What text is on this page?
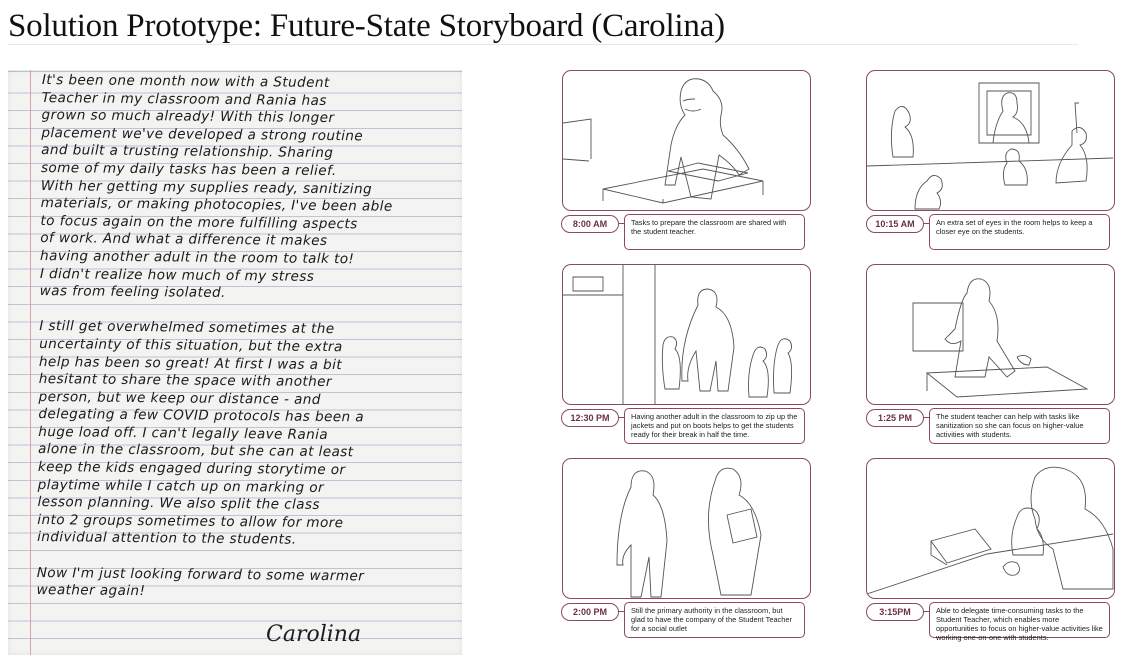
Solution Prototype: Future-State Storyboard (Carolina)
It's been one month now with a Student
Teacher in my classroom and Rania has
grown so much already! With this longer
placement we've developed a strong routine
and built a trusting relationship. Sharing
some of my daily tasks has been a relief.
With her getting my supplies ready, sanitizing
materials, or making photocopies, I've been able
to focus again on the more fulfilling aspects
of work. And what a difference it makes
having another adult in the room to talk to!
I didn't realize how much of my stress
was from feeling isolated.

I still get overwhelmed sometimes at the
uncertainty of this situation, but the extra
help has been so great! At first I was a bit
hesitant to share the space with another
person, but we keep our distance - and
delegating a few COVID protocols has been a
huge load off. I can't legally leave Rania
alone in the classroom, but she can at least
keep the kids engaged during storytime or
playtime while I catch up on marking or
lesson planning. We also split the class
into 2 groups sometimes to allow for more
individual attention to the students.

Now I'm just looking forward to some warmer
weather again!
Carolina
8:00 AM	Tasks to prepare the classroom are shared with the student teacher.
10:15 AM	An extra set of eyes in the room helps to keep a closer eye on the students.
12:30 PM	Having another adult in the classroom to zip up the jackets and put on boots helps to get the students ready for their break in half the time.
1:25 PM	The student teacher can help with tasks like sanitization so she can focus on higher-value activities with students.
2:00 PM	Still the primary authority in the classroom, but glad to have the company of the Student Teacher for a social outlet
3:15PM	Able to delegate time-consuming tasks to the Student Teacher, which enables more opportunities to focus on higher-value activities like working one-on-one with students.
